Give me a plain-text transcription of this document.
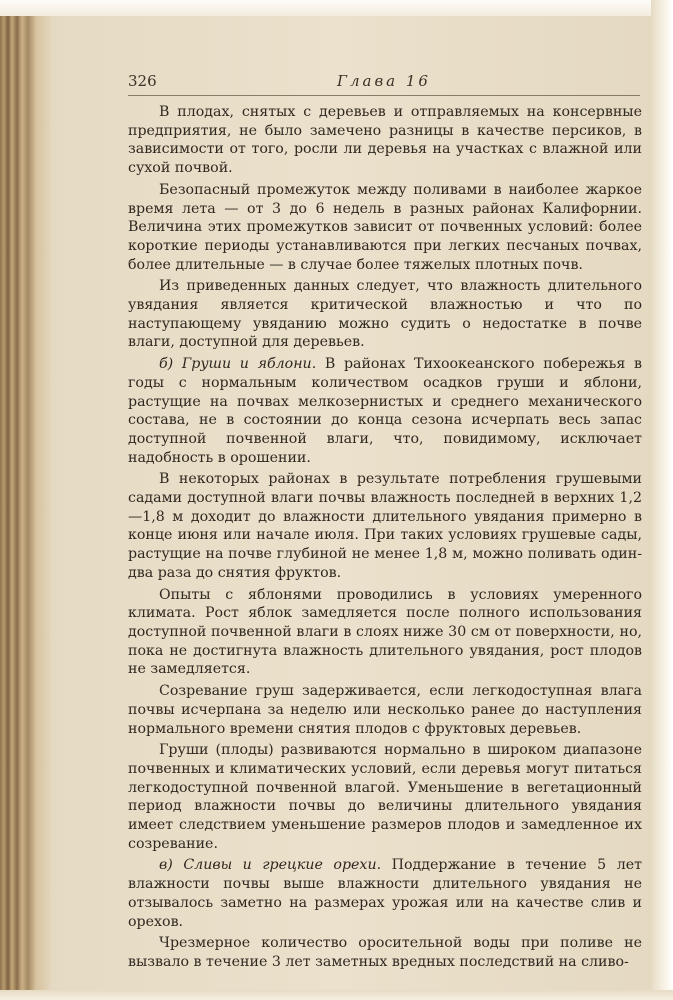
326	Глава 16

В плодах, снятых с деревьев и отправляемых на консервные предприятия, не было замечено разницы в качестве персиков, в зависимости от того, росли ли деревья на участках с влажной или сухой почвой.

Безопасный промежуток между поливами в наиболее жаркое время лета — от 3 до 6 недель в разных районах Калифорнии. Величина этих промежутков зависит от почвенных условий: более короткие периоды устанавливаются при легких песчаных почвах, более длительные — в случае более тяжелых плотных почв.

Из приведенных данных следует, что влажность длительного увядания является критической влажностью и что по наступающему увяданию можно судить о недостатке в почве влаги, доступной для деревьев.

б) Груши и яблони. В районах Тихоокеанского побережья в годы с нормальным количеством осадков груши и яблони, растущие на почвах мелкозернистых и среднего механического состава, не в состоянии до конца сезона исчерпать весь запас доступной почвенной влаги, что, повидимому, исключает надобность в орошении.

В некоторых районах в результате потребления грушевыми садами доступной влаги почвы влажность последней в верхних 1,2—1,8 м доходит до влажности длительного увядания примерно в конце июня или начале июля. При таких условиях грушевые сады, растущие на почве глубиной не менее 1,8 м, можно поливать один-два раза до снятия фруктов.

Опыты с яблонями проводились в условиях умеренного климата. Рост яблок замедляется после полного использования доступной почвенной влаги в слоях ниже 30 см от поверхности, но, пока не достигнута влажность длительного увядания, рост плодов не замедляется.

Созревание груш задерживается, если легкодоступная влага почвы исчерпана за неделю или несколько ранее до наступления нормального времени снятия плодов с фруктовых деревьев.

Груши (плоды) развиваются нормально в широком диапазоне почвенных и климатических условий, если деревья могут питаться легкодоступной почвенной влагой. Уменьшение в вегетационный период влажности почвы до величины длительного увядания имеет следствием уменьшение размеров плодов и замедленное их созревание.

в) Сливы и грецкие орехи. Поддержание в течение 5 лет влажности почвы выше влажности длительного увядания не отзывалось заметно на размерах урожая или на качестве слив и орехов.

Чрезмерное количество оросительной воды при поливе не вызвало в течение 3 лет заметных вредных последствий на сливо-
